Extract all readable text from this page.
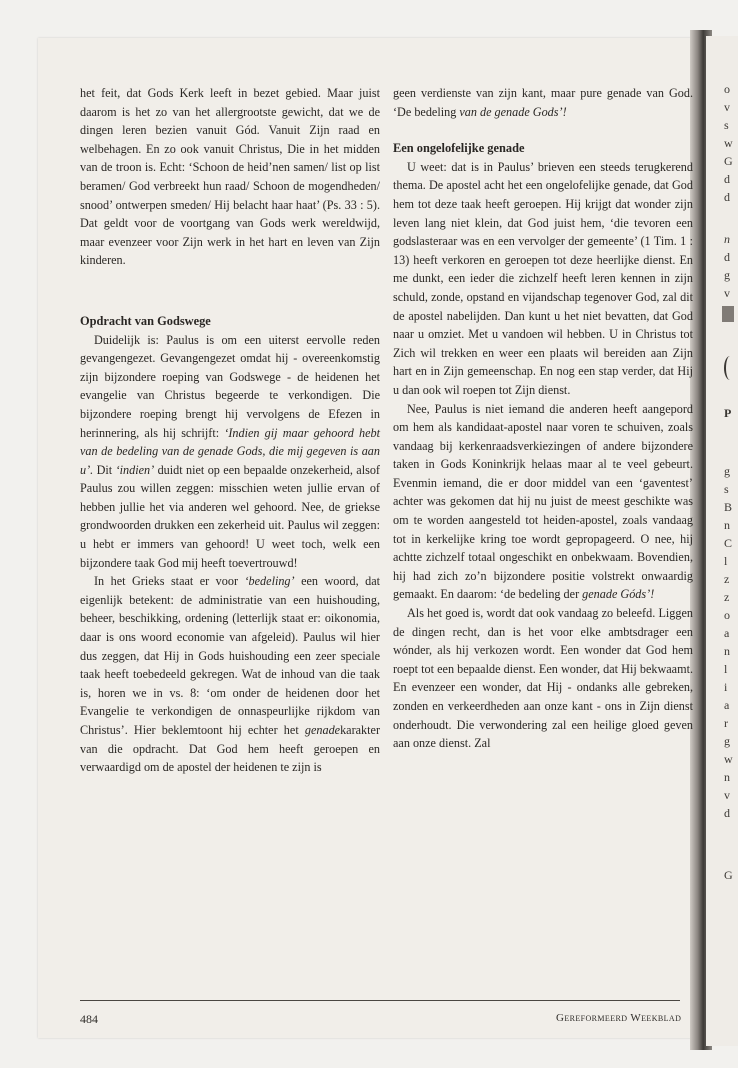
o
v
s
w
G
d
d
n
d
g
v
P
g
s
B
n
C
l
z
z
o
a
n
l
i
a
r
g
w
n
v
d
G

het feit, dat Gods Kerk leeft in bezet gebied. Maar juist daarom is het zo van het allergrootste gewicht, dat we de dingen leren bezien vanuit Gód. Vanuit Zijn raad en welbehagen. En zo ook vanuit Christus, Die in het midden van de troon is. Echt: ‘Schoon de heid’nen samen/ list op list beramen/ God verbreekt hun raad/ Schoon de mogendheden/ snood’ ontwerpen smeden/ Hij belacht haar haat’ (Ps. 33 : 5). Dat geldt voor de voortgang van Gods werk wereldwijd, maar evenzeer voor Zijn werk in het hart en leven van Zijn kinderen.

Opdracht van Godswege

Duidelijk is: Paulus is om een uiterst eervolle reden gevangengezet. Gevangengezet omdat hij - overeenkomstig zijn bijzondere roeping van Godswege - de heidenen het evangelie van Christus begeerde te verkondigen. Die bijzondere roeping brengt hij vervolgens de Efezen in herinnering, als hij schrijft: ‘Indien gij maar gehoord hebt van de bedeling van de genade Gods, die mij gegeven is aan u’. Dit ‘indien’ duidt niet op een bepaalde onzekerheid, alsof Paulus zou willen zeggen: misschien weten jullie ervan of hebben jullie het via anderen wel gehoord. Nee, de griekse grondwoorden drukken een zekerheid uit. Paulus wil zeggen: u hebt er immers van gehoord! U weet toch, welk een bijzondere taak God mij heeft toevertrouwd!

In het Grieks staat er voor ‘bedeling’ een woord, dat eigenlijk betekent: de administratie van een huishouding, beheer, beschikking, ordening (letterlijk staat er: oikonomia, daar is ons woord economie van afgeleid). Paulus wil hier dus zeggen, dat Hij in Gods huishouding een zeer speciale taak heeft toebedeeld gekregen. Wat de inhoud van die taak is, horen we in vs. 8: ‘om onder de heidenen door het Evangelie te verkondigen de onnaspeurlijke rijkdom van Christus’. Hier beklemtoont hij echter het genadekarakter van die opdracht. Dat God hem heeft geroepen en verwaardigd om de apostel der heidenen te zijn is

geen verdienste van zijn kant, maar pure genade van God. ‘De bedeling van de genade Gods’!

Een ongelofelijke genade

U weet: dat is in Paulus’ brieven een steeds terugkerend thema. De apostel acht het een ongelofelijke genade, dat God hem tot deze taak heeft geroepen. Hij krijgt dat wonder zijn leven lang niet klein, dat God juist hem, ‘die tevoren een godslasteraar was en een vervolger der gemeente’ (1 Tim. 1 : 13) heeft verkoren en geroepen tot deze heerlijke dienst. En me dunkt, een ieder die zichzelf heeft leren kennen in zijn schuld, zonde, opstand en vijandschap tegenover God, zal dit de apostel nabelijden. Dan kunt u het niet bevatten, dat God naar u omziet. Met u vandoen wil hebben. U in Christus tot Zich wil trekken en weer een plaats wil bereiden aan Zijn hart en in Zijn gemeenschap. En nog een stap verder, dat Hij u dan ook wil roepen tot Zijn dienst.

Nee, Paulus is niet iemand die anderen heeft aangepord om hem als kandidaat-apostel naar voren te schuiven, zoals vandaag bij kerkenraadsverkiezingen of andere bijzondere taken in Gods Koninkrijk helaas maar al te veel gebeurt. Evenmin iemand, die er door middel van een ‘gaventest’ achter was gekomen dat hij nu juist de meest geschikte was om te worden aangesteld tot heiden-apostel, zoals vandaag tot in kerkelijke kring toe wordt gepropageerd. O nee, hij achtte zichzelf totaal ongeschikt en onbekwaam. Bovendien, hij had zich zo’n bijzondere positie volstrekt onwaardig gemaakt. En daarom: ‘de bedeling der genade Góds’!

Als het goed is, wordt dat ook vandaag zo beleefd. Liggen de dingen recht, dan is het voor elke ambtsdrager een wónder, als hij verkozen wordt. Een wonder dat God hem roept tot een bepaalde dienst. Een wonder, dat Hij bekwaamt. En evenzeer een wonder, dat Hij - ondanks alle gebreken, zonden en verkeerdheden aan onze kant - ons in Zijn dienst onderhoudt. Die verwondering zal een heilige gloed geven aan onze dienst. Zal

484	Gereformeerd Weekblad
